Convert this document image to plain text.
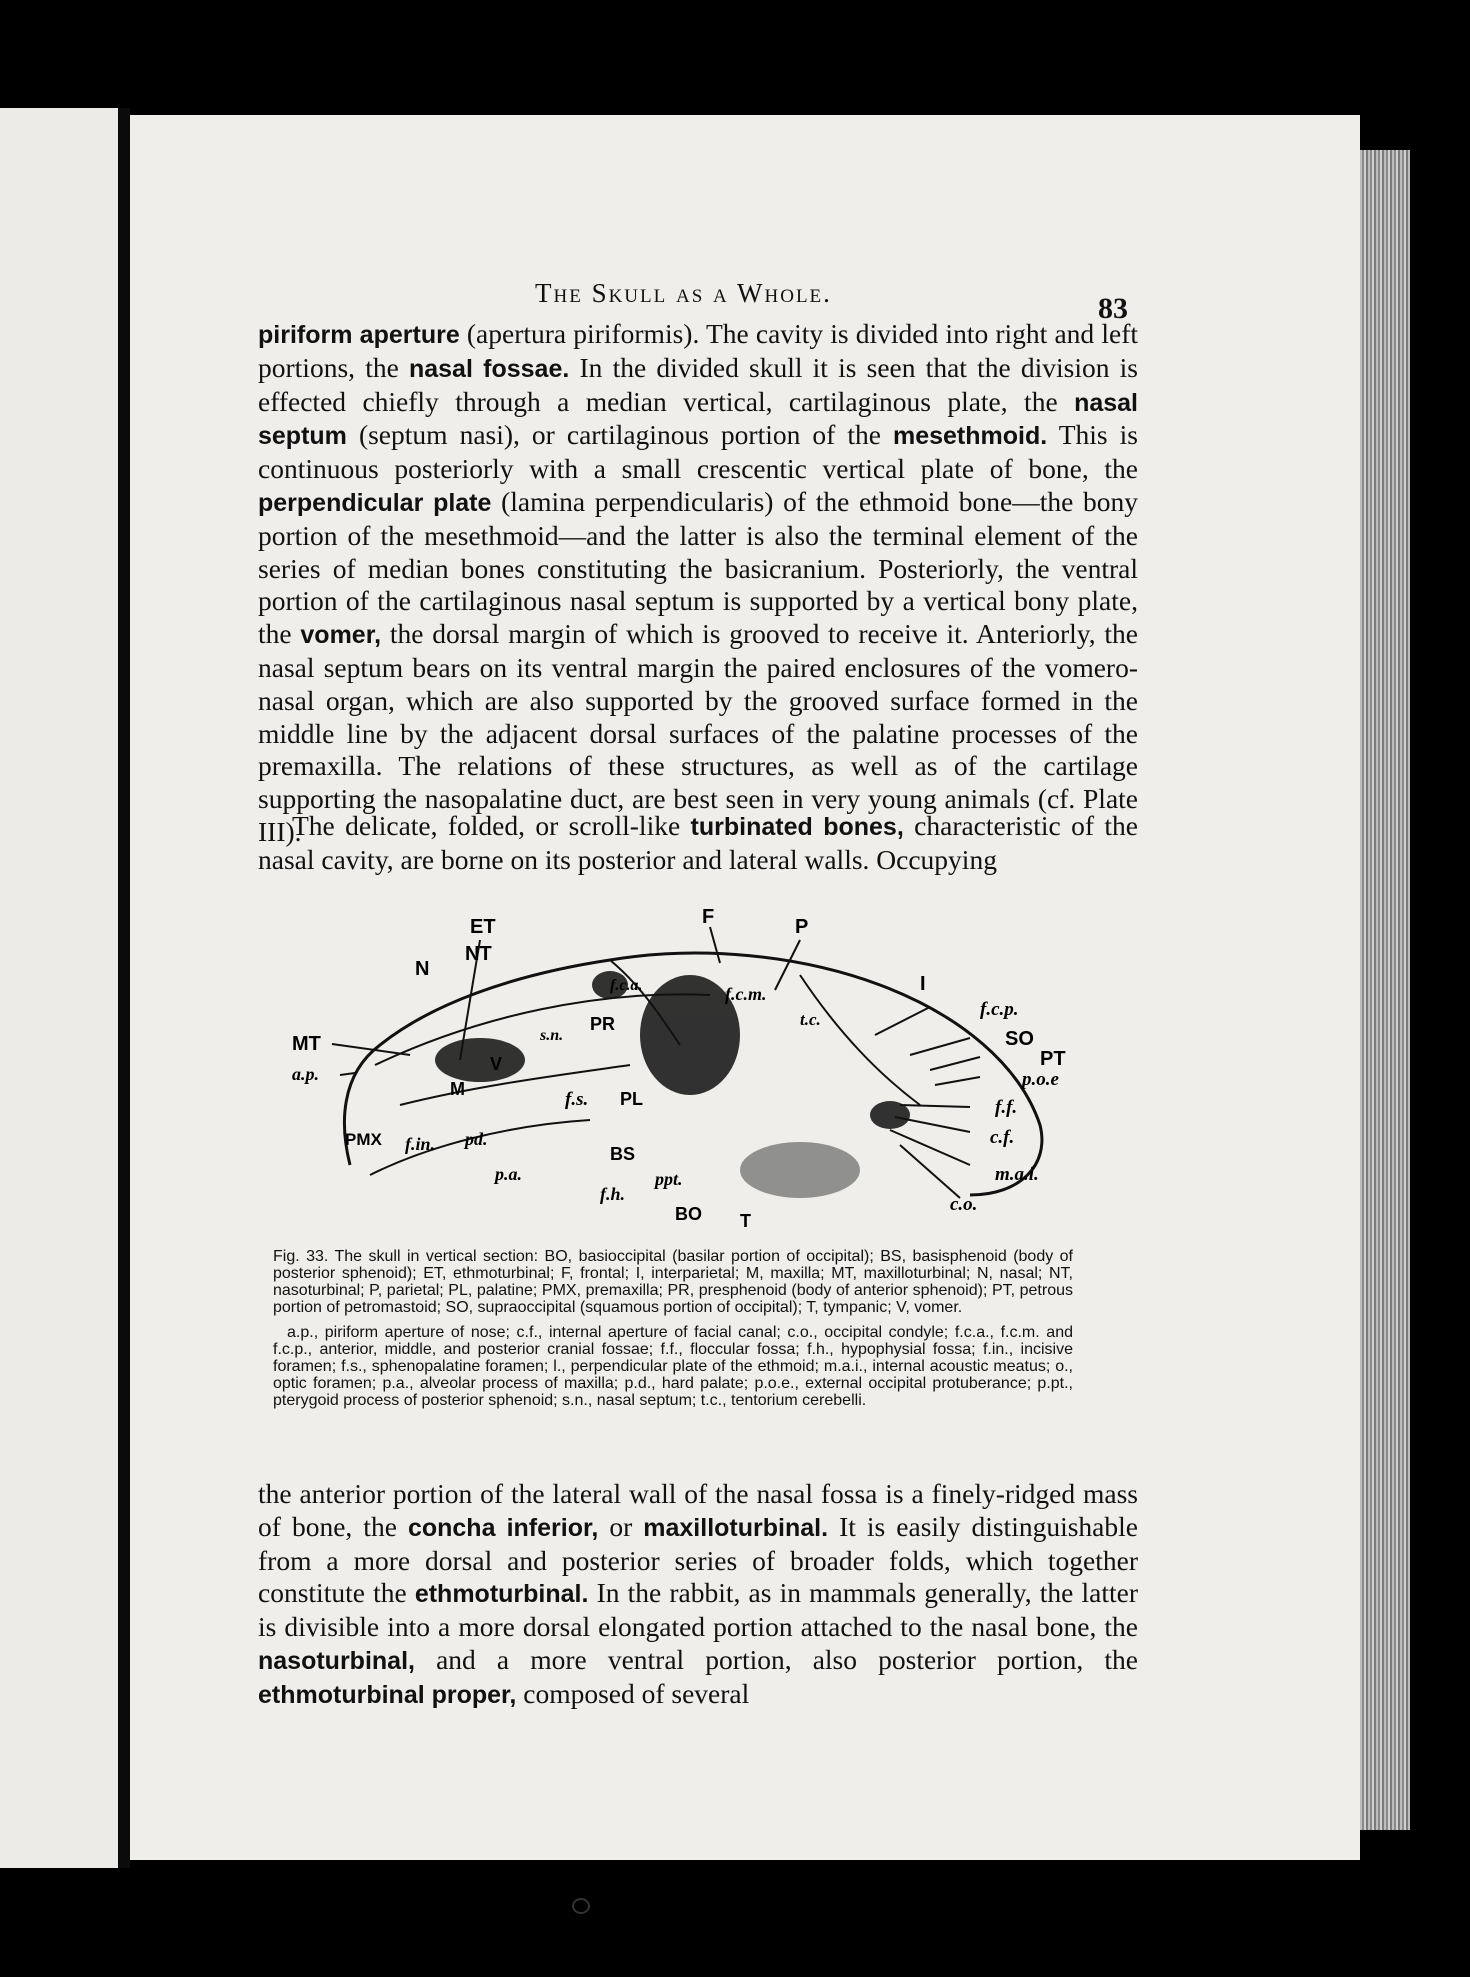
The Skull as a Whole.	83

piriform aperture (apertura piriformis). The cavity is divided into right and left portions, the nasal fossae. In the divided skull it is seen that the division is effected chiefly through a median vertical, cartilaginous plate, the nasal septum (septum nasi), or cartilaginous portion of the mesethmoid. This is continuous posteriorly with a small crescentic vertical plate of bone, the perpendicular plate (lamina perpendicularis) of the ethmoid bone—the bony portion of the mesethmoid—and the latter is also the terminal element of the series of median bones constituting the basicranium. Posteriorly, the ventral portion of the cartilaginous nasal septum is supported by a vertical bony plate, the vomer, the dorsal margin of which is grooved to receive it. Anteriorly, the nasal septum bears on its ventral margin the paired enclosures of the vomero-nasal organ, which are also supported by the grooved surface formed in the middle line by the adjacent dorsal surfaces of the palatine processes of the premaxilla. The relations of these structures, as well as of the cartilage supporting the nasopalatine duct, are best seen in very young animals (cf. Plate III).

The delicate, folded, or scroll-like turbinated bones, characteristic of the nasal cavity, are borne on its posterior and lateral walls. Occupying

ET	F	P
N
NT
I
f.c.a.	f.c.m.
t.c.	f.c.p.
SO
PT
p.o.e
f.f.
c.f.
m.a.i.
c.o.
MT
a.p.
s.n.
PR
V
M	f.s. PL
PMX f.in. pd.
p.a.
BS
f.h.
ppt.
BO T

Fig. 33. The skull in vertical section: BO, basioccipital (basilar portion of occipital); BS, basisphenoid (body of posterior sphenoid); ET, ethmoturbinal; F, frontal; I, interparietal; M, maxilla; MT, maxilloturbinal; N, nasal; NT, nasoturbinal; P, parietal; PL, palatine; PMX, premaxilla; PR, presphenoid (body of anterior sphenoid); PT, petrous portion of petromastoid; SO, supraoccipital (squamous portion of occipital); T, tympanic; V, vomer.

a.p., piriform aperture of nose; c.f., internal aperture of facial canal; c.o., occipital condyle; f.c.a., f.c.m. and f.c.p., anterior, middle, and posterior cranial fossae; f.f., floccular fossa; f.h., hypophysial fossa; f.in., incisive foramen; f.s., sphenopalatine foramen; l., perpendicular plate of the ethmoid; m.a.i., internal acoustic meatus; o., optic foramen; p.a., alveolar process of maxilla; p.d., hard palate; p.o.e., external occipital protuberance; p.pt., pterygoid process of posterior sphenoid; s.n., nasal septum; t.c., tentorium cerebelli.

the anterior portion of the lateral wall of the nasal fossa is a finely-ridged mass of bone, the concha inferior, or maxilloturbinal. It is easily distinguishable from a more dorsal and posterior series of broader folds, which together constitute the ethmoturbinal. In the rabbit, as in mammals generally, the latter is divisible into a more dorsal elongated portion attached to the nasal bone, the nasoturbinal, and a more ventral portion, also posterior portion, the ethmoturbinal proper, composed of several
